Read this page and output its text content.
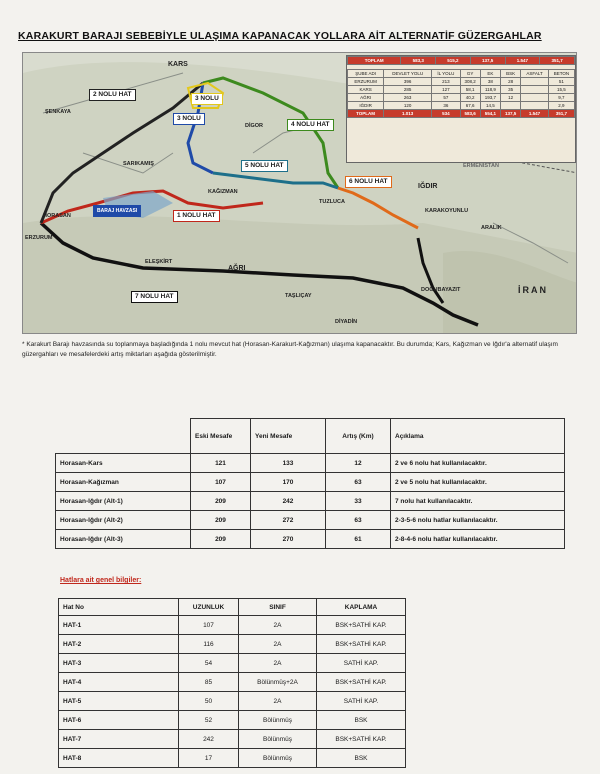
KARAKURT BARAJI SEBEBİYLE ULAŞIMA KAPANACAK YOLLARA AİT ALTERNATİF GÜZERGAHLAR
2 NOLU HAT
3 NOLU
3 NOLU
4 NOLU HAT
5 NOLU HAT
6 NOLU HAT
1 NOLU HAT
7 NOLU HAT
BARAJ HAVZASI
KARS
HORASAN
AĞRI
IĞDIR
KAĞIZMAN
TUZLUCA
DİGOR
SARIKAMIŞ
KARAKOYUNLU
ARALIK
DOĞUBAYAZIT
DİYADİN
TAŞLIÇAY
ELEŞKİRT
İRAN
ŞENKAYA
ERZURUM
ERMENİSTAN
TOPLAM	583,3	515,2	137,5	1.547	351,7
ŞUBE ADI	DEVLET YOLU	İL YOLU	GY	EK	BSK	ASFALT	BETON
ERZURUM	396	213	308,2	38	28		51
KARS	285	127	58,1	118,9	35		15,5
AĞRI	263	57	40,2	193,7	12		9,7
IĞDIR	120	36	67,6	14,5			2,9
TOPLAM	1.013	534	583,6	554,1	137,5	1.547	351,7
* Karakurt Barajı havzasında su toplanmaya başladığında 1 nolu mevcut hat (Horasan-Karakurt-Kağızman) ulaşıma kapanacaktır. Bu durumda; Kars, Kağızman ve Iğdır'a alternatif ulaşım güzergahları ve mesafelerdeki artış miktarları aşağıda gösterilmiştir.
	Eski Mesafe	Yeni Mesafe	Artış (Km)	Açıklama
Horasan-Kars	121	133	12	2 ve 6 nolu hat kullanılacaktır.
Horasan-Kağızman	107	170	63	2 ve 5 nolu hat kullanılacaktır.
Horasan-Iğdır (Alt-1)	209	242	33	7 nolu hat kullanılacaktır.
Horasan-Iğdır (Alt-2)	209	272	63	2-3-5-6 nolu hatlar kullanılacaktır.
Horasan-Iğdır (Alt-3)	209	270	61	2-8-4-6 nolu hatlar kullanılacaktır.
Hatlara ait genel bilgiler:
Hat No	UZUNLUK	SINIF	KAPLAMA
HAT-1	107	2A	BSK+SATHİ KAP.
HAT-2	116	2A	BSK+SATHİ KAP.
HAT-3	54	2A	SATHİ KAP.
HAT-4	85	Bölünmüş+2A	BSK+SATHİ KAP.
HAT-5	50	2A	SATHİ KAP.
HAT-6	52	Bölünmüş	BSK
HAT-7	242	Bölünmüş	BSK+SATHİ KAP.
HAT-8	17	Bölünmüş	BSK
